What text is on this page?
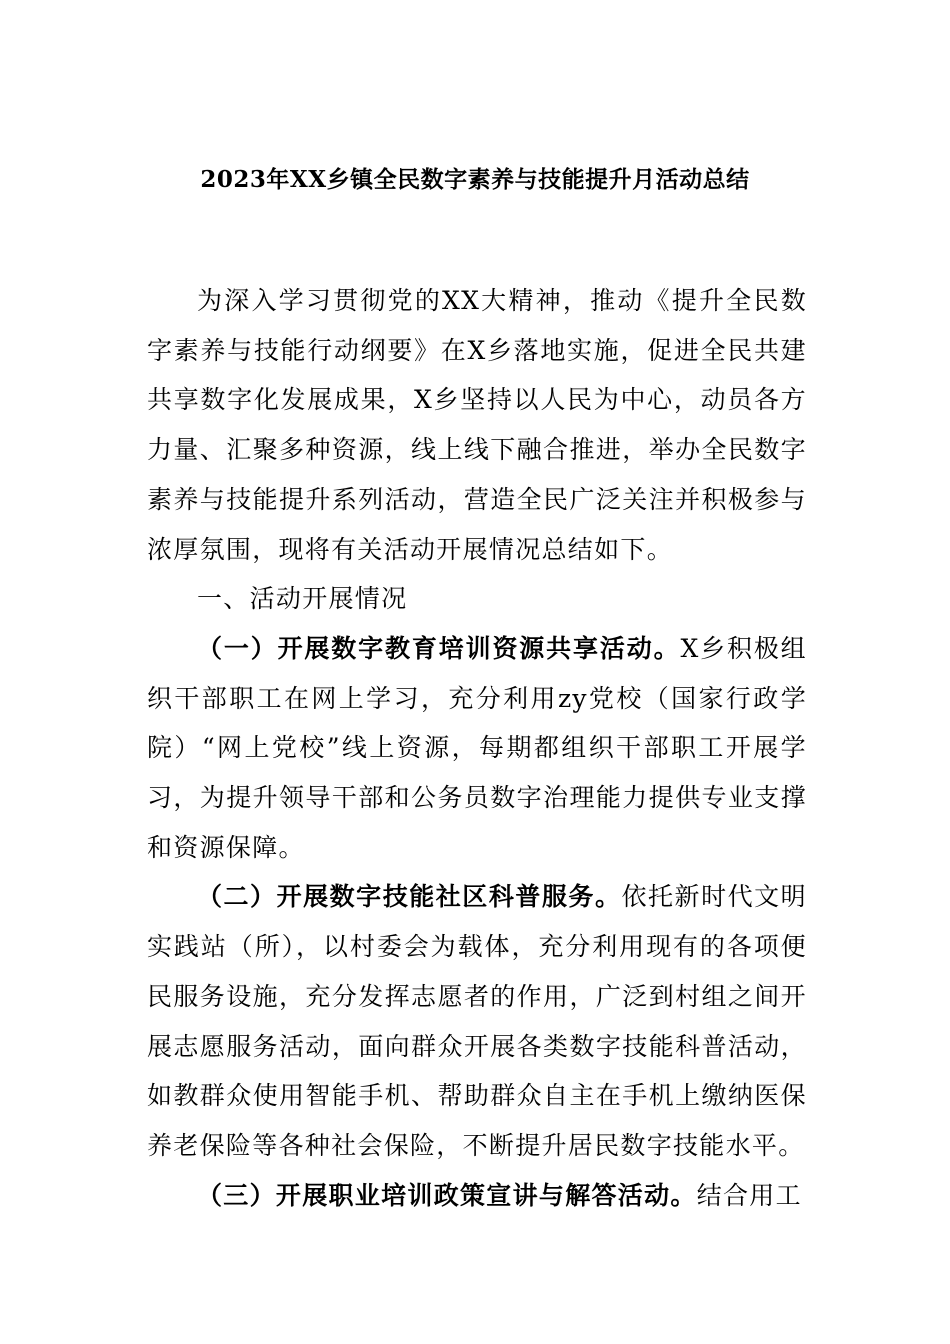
2023年XX乡镇全民数字素养与技能提升月活动总结

为深入学习贯彻党的XX大精神，推动《提升全民数字素养与技能行动纲要》在X乡落地实施，促进全民共建共享数字化发展成果，X乡坚持以人民为中心，动员各方力量、汇聚多种资源，线上线下融合推进，举办全民数字素养与技能提升系列活动，营造全民广泛关注并积极参与浓厚氛围，现将有关活动开展情况总结如下。

一、活动开展情况

（一）开展数字教育培训资源共享活动。X乡积极组织干部职工在网上学习，充分利用zy党校（国家行政学院）“网上党校”线上资源，每期都组织干部职工开展学习，为提升领导干部和公务员数字治理能力提供专业支撑和资源保障。

（二）开展数字技能社区科普服务。依托新时代文明实践站（所），以村委会为载体，充分利用现有的各项便民服务设施，充分发挥志愿者的作用，广泛到村组之间开展志愿服务活动，面向群众开展各类数字技能科普活动，如教群众使用智能手机、帮助群众自主在手机上缴纳医保养老保险等各种社会保险，不断提升居民数字技能水平。

（三）开展职业培训政策宣讲与解答活动。结合用工
